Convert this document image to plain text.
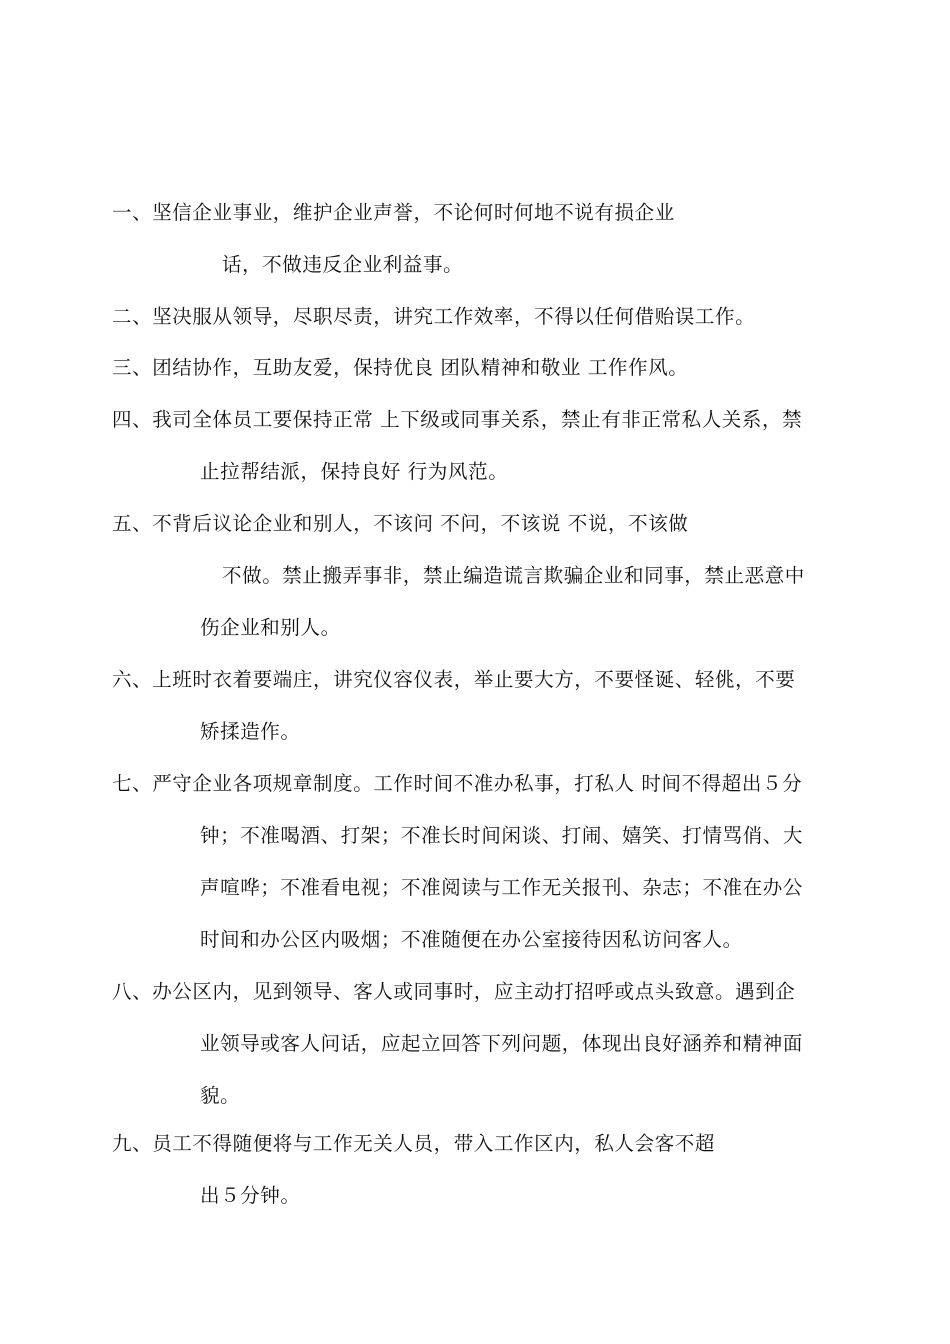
一、坚信企业事业，维护企业声誉，不论何时何地不说有损企业
话，不做违反企业利益事。
二、坚决服从领导，尽职尽责，讲究工作效率，不得以任何借贻误工作。
三、团结协作，互助友爱，保持优良 团队精神和敬业 工作作风。
四、我司全体员工要保持正常 上下级或同事关系，禁止有非正常私人关系，禁
止拉帮结派，保持良好 行为风范。
五、不背后议论企业和别人，不该问 不问，不该说 不说，不该做
不做。禁止搬弄事非，禁止编造谎言欺骗企业和同事，禁止恶意中
伤企业和别人。
六、上班时衣着要端庄，讲究仪容仪表，举止要大方，不要怪诞、轻佻，不要
矫揉造作。
七、严守企业各项规章制度。工作时间不准办私事，打私人 时间不得超出５分
钟；不准喝酒、打架；不准长时间闲谈、打闹、嬉笑、打情骂俏、大
声喧哗；不准看电视；不准阅读与工作无关报刊、杂志；不准在办公
时间和办公区内吸烟；不准随便在办公室接待因私访问客人。
八、办公区内，见到领导、客人或同事时，应主动打招呼或点头致意。遇到企
业领导或客人问话，应起立回答下列问题，体现出良好涵养和精神面
貌。
九、员工不得随便将与工作无关人员，带入工作区内，私人会客不超
出５分钟。
